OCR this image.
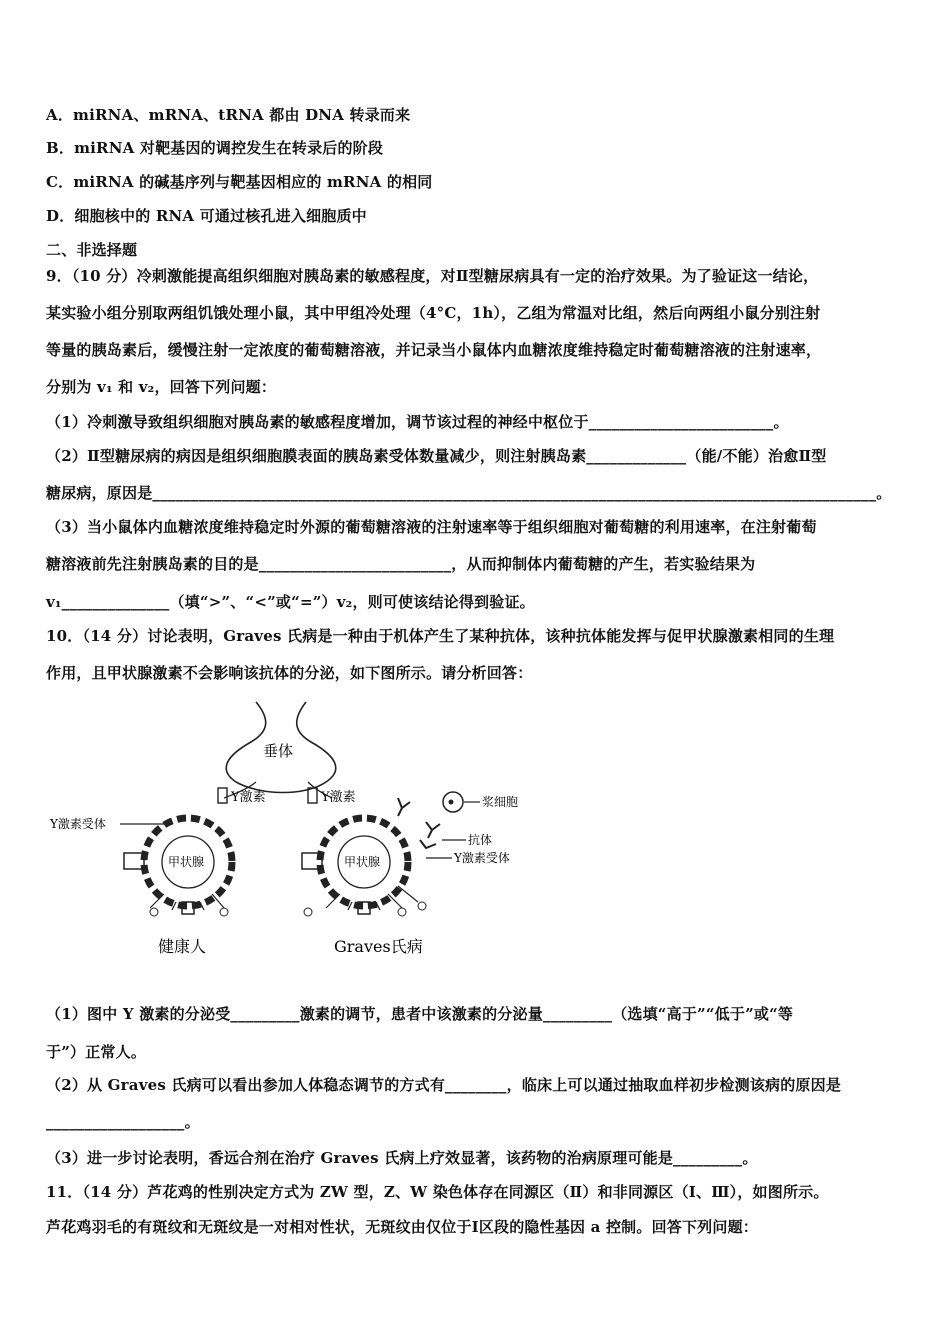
A．miRNA、mRNA、tRNA 都由 DNA 转录而来
B．miRNA 对靶基因的调控发生在转录后的阶段
C．miRNA 的碱基序列与靶基因相应的 mRNA 的相同
D．细胞核中的 RNA 可通过核孔进入细胞质中
二、非选择题
9．（10 分）冷刺激能提高组织细胞对胰岛素的敏感程度，对Ⅱ型糖尿病具有一定的治疗效果。为了验证这一结论，
某实验小组分别取两组饥饿处理小鼠，其中甲组冷处理（4°C，1h），乙组为常温对比组，然后向两组小鼠分别注射
等量的胰岛素后，缓慢注射一定浓度的葡萄糖溶液，并记录当小鼠体内血糖浓度维持稳定时葡萄糖溶液的注射速率，
分别为 v₁ 和 v₂，回答下列问题：
（1）冷刺激导致组织细胞对胰岛素的敏感程度增加，调节该过程的神经中枢位于________________________。
（2）Ⅱ型糖尿病的病因是组织细胞膜表面的胰岛素受体数量减少，则注射胰岛素_____________（能/不能）治愈Ⅱ型
糖尿病，原因是______________________________________________________________________________________________。
（3）当小鼠体内血糖浓度维持稳定时外源的葡萄糖溶液的注射速率等于组织细胞对葡萄糖的利用速率，在注射葡萄
糖溶液前先注射胰岛素的目的是_________________________，从而抑制体内葡萄糖的产生，若实验结果为
v₁______________（填“>”、“<”或“=”）v₂，则可使该结论得到验证。
10．（14 分）讨论表明，Graves 氏病是一种由于机体产生了某种抗体，该种抗体能发挥与促甲状腺激素相同的生理
作用，且甲状腺激素不会影响该抗体的分泌，如下图所示。请分析回答：
垂体
Y激素	Y激素
Y激素受体
甲状腺
健康人
甲状腺
Graves氏病
浆细胞
抗体
Y激素受体
（1）图中 Y 激素的分泌受_________激素的调节，患者中该激素的分泌量_________（选填“高于”“低于”或“等
于”）正常人。
（2）从 Graves 氏病可以看出参加人体稳态调节的方式有________，临床上可以通过抽取血样初步检测该病的原因是
__________________。
（3）进一步讨论表明，香远合剂在治疗 Graves 氏病上疗效显著，该药物的治病原理可能是_________。
11．（14 分）芦花鸡的性别决定方式为 ZW 型，Z、W 染色体存在同源区（Ⅱ）和非同源区（Ⅰ、Ⅲ），如图所示。
芦花鸡羽毛的有斑纹和无斑纹是一对相对性状，无斑纹由仅位于Ⅰ区段的隐性基因 a 控制。回答下列问题：
